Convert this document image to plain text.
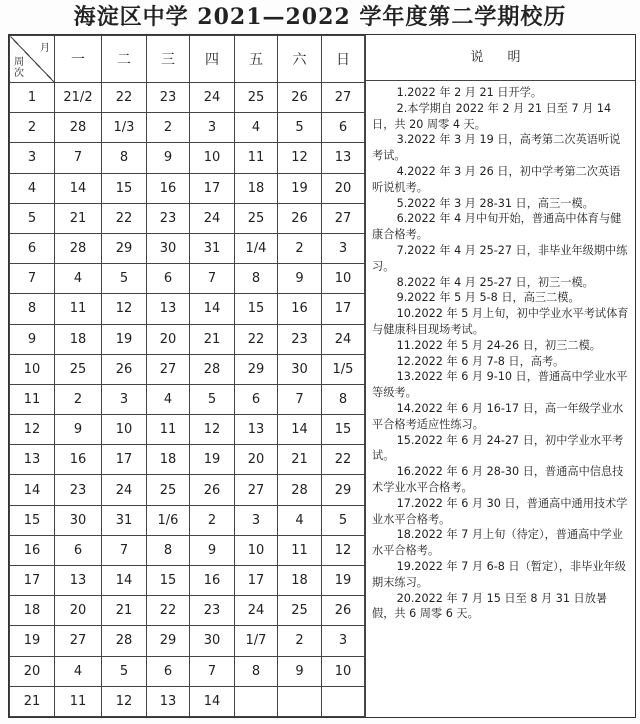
海淀区中学 2021—2022 学年度第二学期校历
月
周次	一	二	三	四	五	六	日
1	21/2	22	23	24	25	26	27
2	28	1/3	2	3	4	5	6
3	7	8	9	10	11	12	13
4	14	15	16	17	18	19	20
5	21	22	23	24	25	26	27
6	28	29	30	31	1/4	2	3
7	4	5	6	7	8	9	10
8	11	12	13	14	15	16	17
9	18	19	20	21	22	23	24
10	25	26	27	28	29	30	1/5
11	2	3	4	5	6	7	8
12	9	10	11	12	13	14	15
13	16	17	18	19	20	21	22
14	23	24	25	26	27	28	29
15	30	31	1/6	2	3	4	5
16	6	7	8	9	10	11	12
17	13	14	15	16	17	18	19
18	20	21	22	23	24	25	26
19	27	28	29	30	1/7	2	3
20	4	5	6	7	8	9	10
21	11	12	13	14			
说 明

1.2022 年 2 月 21 日开学。

2.本学期自 2022 年 2 月 21 日至 7 月 14 日，共 20 周零 4 天。

3.2022 年 3 月 19 日，高考第二次英语听说考试。

4.2022 年 3 月 26 日，初中学考第二次英语听说机考。

5.2022 年 3 月 28-31 日，高三一模。

6.2022 年 4 月中旬开始，普通高中体育与健康合格考。

7.2022 年 4 月 25-27 日，非毕业年级期中练习。

8.2022 年 4 月 25-27 日，初三一模。

9.2022 年 5 月 5-8 日，高三二模。

10.2022 年 5 月上旬，初中学业水平考试体育与健康科目现场考试。

11.2022 年 5 月 24-26 日，初三二模。

12.2022 年 6 月 7-8 日，高考。

13.2022 年 6 月 9-10 日，普通高中学业水平等级考。

14.2022 年 6 月 16-17 日，高一年级学业水平合格考适应性练习。

15.2022 年 6 月 24-27 日，初中学业水平考试。

16.2022 年 6 月 28-30 日，普通高中信息技术学业水平合格考。

17.2022 年 6 月 30 日，普通高中通用技术学业水平合格考。

18.2022 年 7 月上旬（待定），普通高中学业水平合格考。

19.2022 年 7 月 6-8 日（暂定），非毕业年级期末练习。

20.2022 年 7 月 15 日至 8 月 31 日放暑假，共 6 周零 6 天。
